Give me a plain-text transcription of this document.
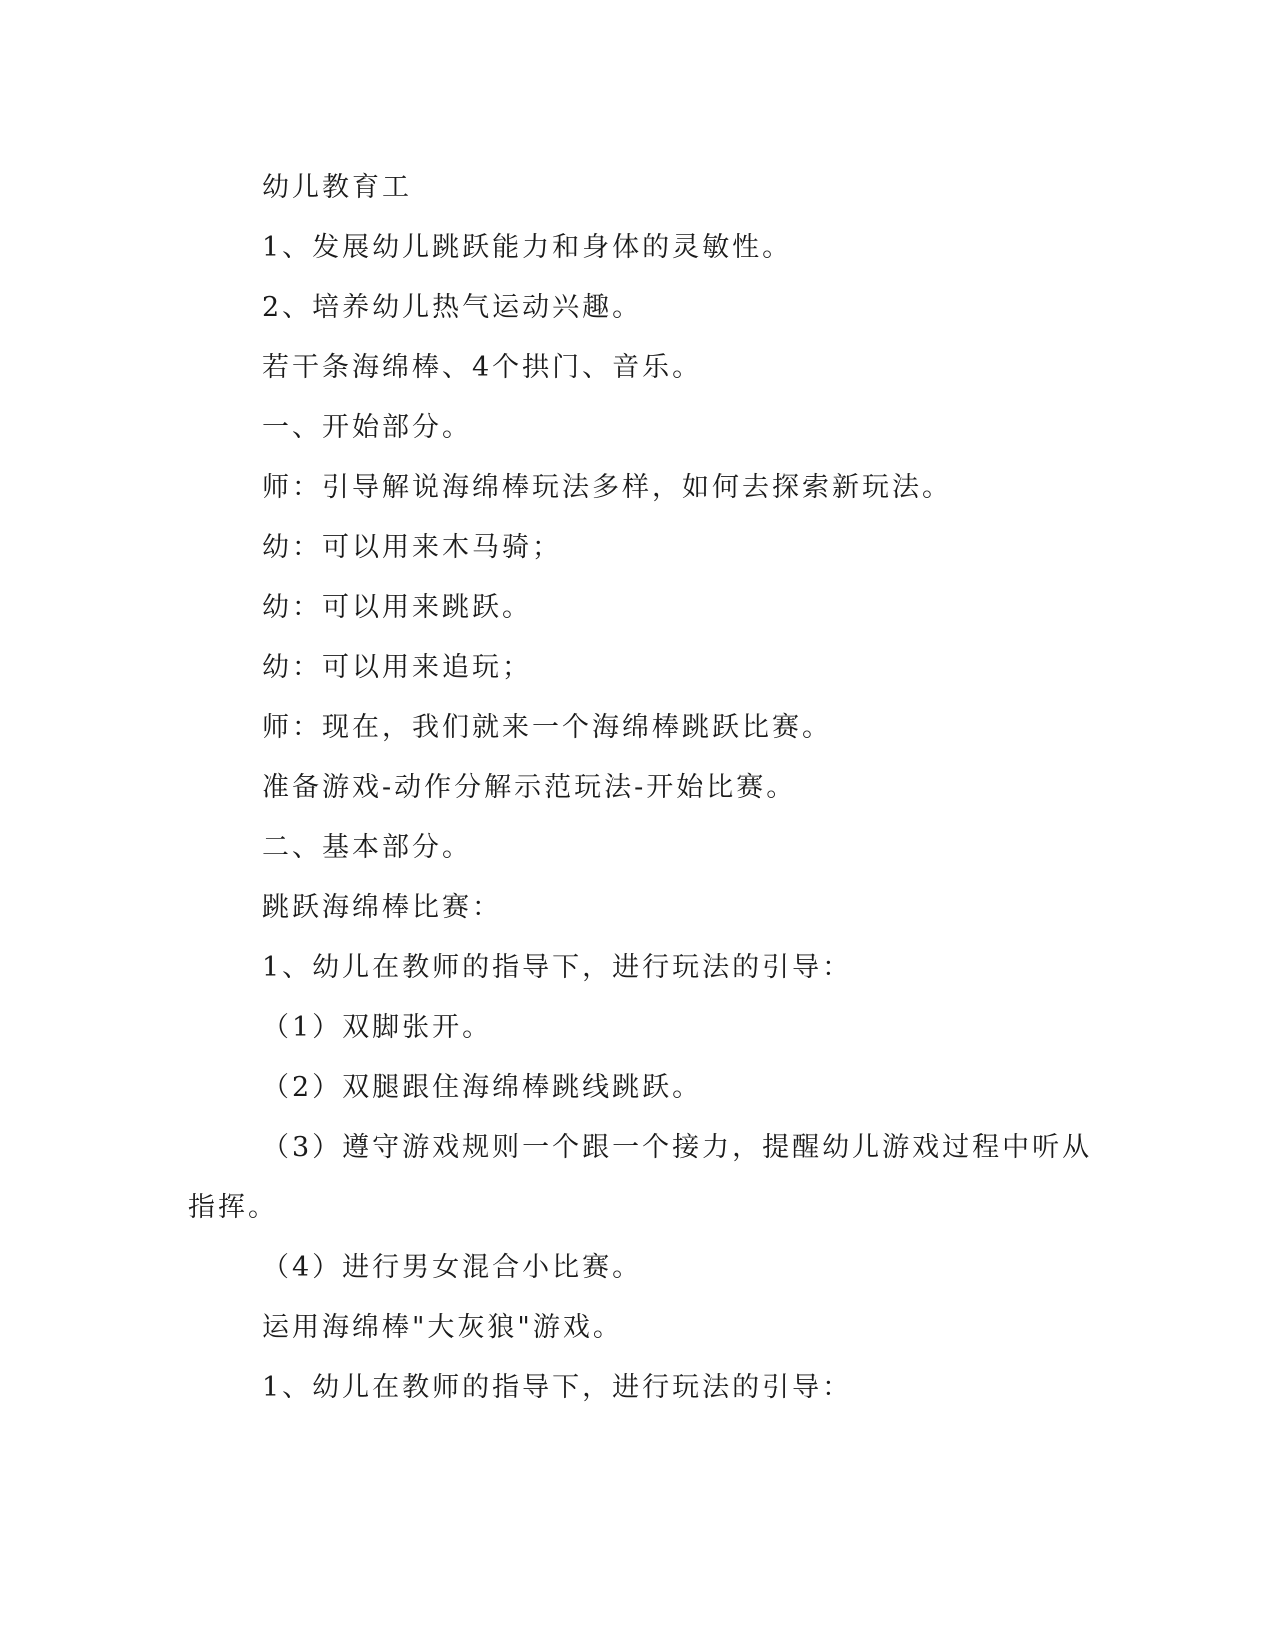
幼儿教育工

1、发展幼儿跳跃能力和身体的灵敏性。

2、培养幼儿热气运动兴趣。

若干条海绵棒、4个拱门、音乐。

一、开始部分。

师：引导解说海绵棒玩法多样，如何去探索新玩法。

幼：可以用来木马骑；

幼：可以用来跳跃。

幼：可以用来追玩；

师：现在，我们就来一个海绵棒跳跃比赛。

准备游戏-动作分解示范玩法-开始比赛。

二、基本部分。

跳跃海绵棒比赛：

1、幼儿在教师的指导下，进行玩法的引导：

（1）双脚张开。

（2）双腿跟住海绵棒跳线跳跃。

（3）遵守游戏规则一个跟一个接力，提醒幼儿游戏过程中听从

指挥。

（4）进行男女混合小比赛。

运用海绵棒"大灰狼"游戏。

1、幼儿在教师的指导下，进行玩法的引导：
